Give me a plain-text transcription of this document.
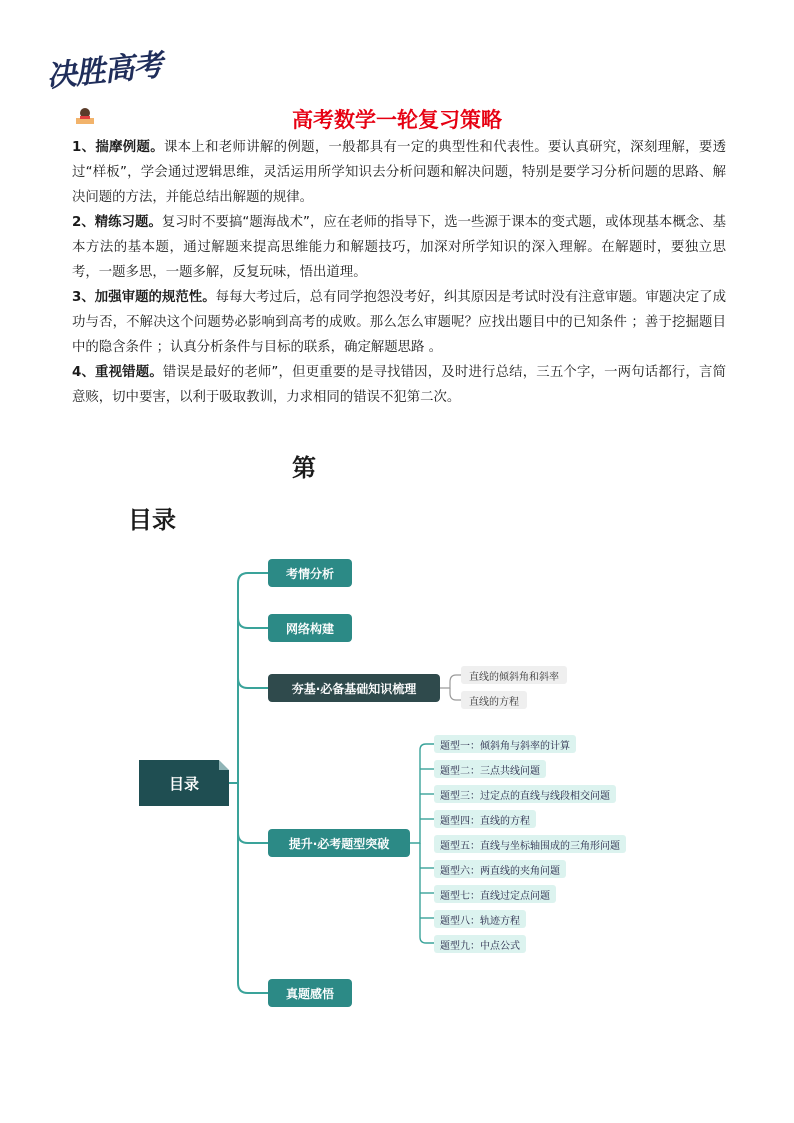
决胜高考
高考数学一轮复习策略

1、揣摩例题。课本上和老师讲解的例题，一般都具有一定的典型性和代表性。要认真研究，深刻理解，要透过“样板”，学会通过逻辑思维，灵活运用所学知识去分析问题和解决问题，特别是要学习分析问题的思路、解决问题的方法，并能总结出解题的规律。

2、精练习题。复习时不要搞“题海战术”，应在老师的指导下，选一些源于课本的变式题，或体现基本概念、基本方法的基本题，通过解题来提高思维能力和解题技巧，加深对所学知识的深入理解。在解题时，要独立思考，一题多思，一题多解，反复玩味，悟出道理。

3、加强审题的规范性。每每大考过后，总有同学抱怨没考好，纠其原因是考试时没有注意审题。审题决定了成功与否，不解决这个问题势必影响到高考的成败。那么怎么审题呢？应找出题目中的已知条件 ；善于挖掘题目中的隐含条件 ；认真分析条件与目标的联系，确定解题思路 。

4、重视错题。错误是最好的老师”，但更重要的是寻找错因，及时进行总结，三五个字，一两句话都行，言简意赅，切中要害，以利于吸取教训，力求相同的错误不犯第二次。

第
目录
目录
考情分析
网络构建
夯基·必备基础知识梳理
提升·必考题型突破
真题感悟
直线的倾斜角和斜率
直线的方程
题型一：倾斜角与斜率的计算
题型二：三点共线问题
题型三：过定点的直线与线段相交问题
题型四：直线的方程
题型五：直线与坐标轴围成的三角形问题
题型六：两直线的夹角问题
题型七：直线过定点问题
题型八：轨迹方程
题型九：中点公式
